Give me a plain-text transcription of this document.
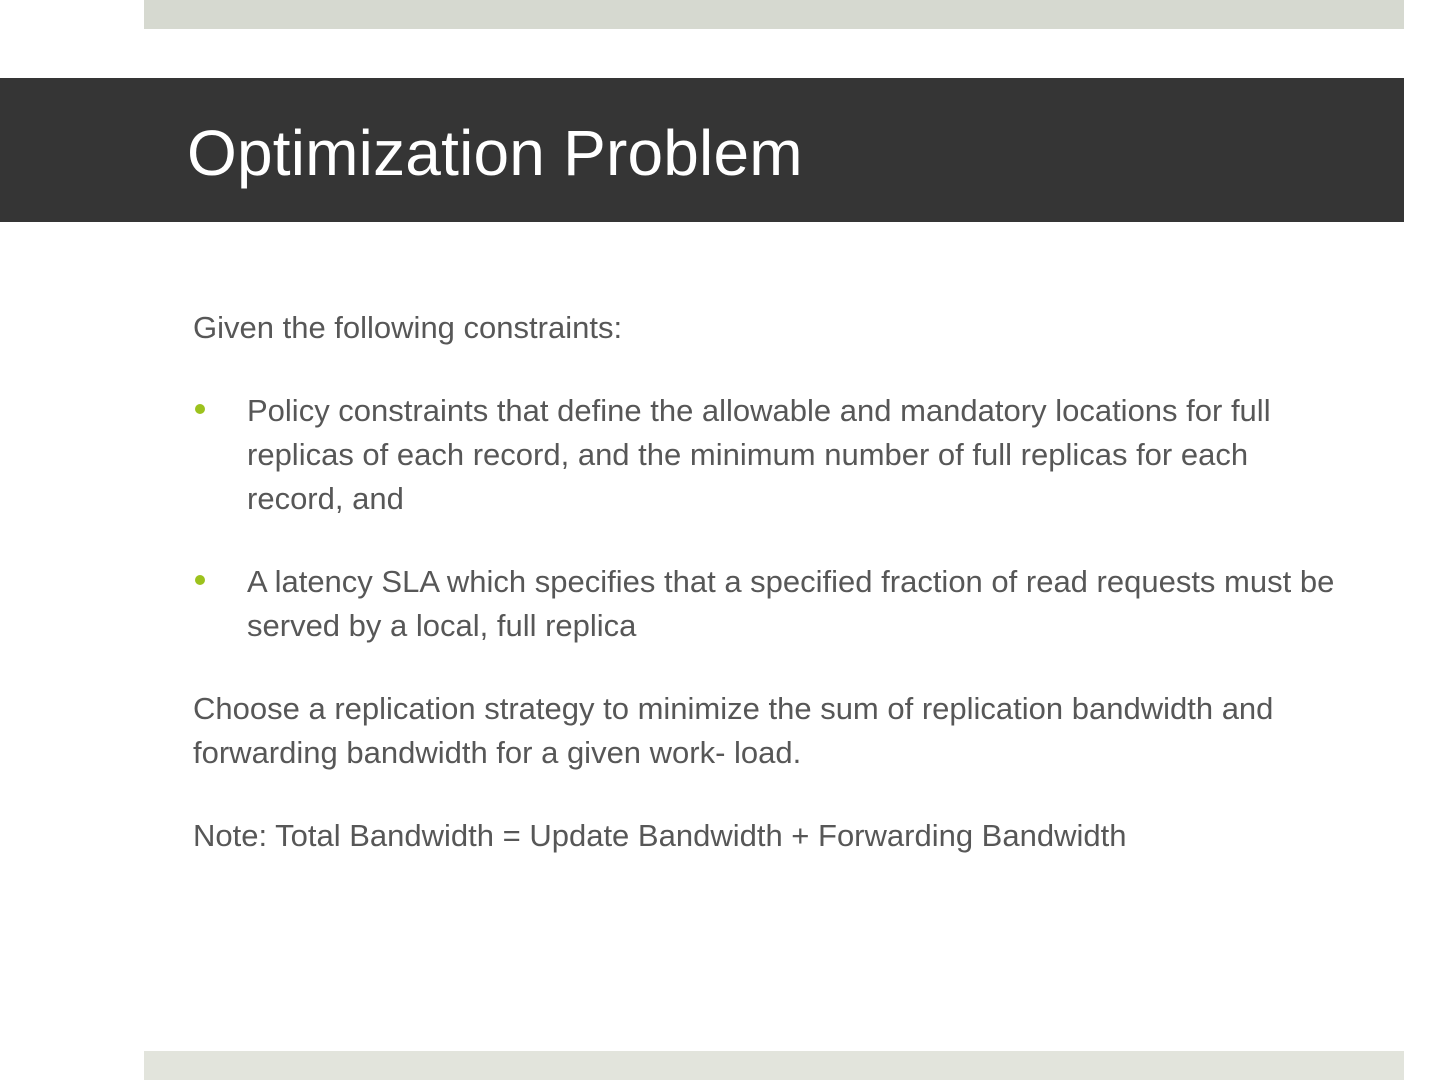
Optimization Problem

Given the following constraints:

Policy constraints that define the allowable and mandatory locations for full replicas of each record, and the minimum number of full replicas for each record, and
A latency SLA which specifies that a specified fraction of read requests must be served by a local, full replica

Choose a replication strategy to minimize the sum of replication bandwidth and forwarding bandwidth for a given work- load.

Note: Total Bandwidth = Update Bandwidth + Forwarding Bandwidth
